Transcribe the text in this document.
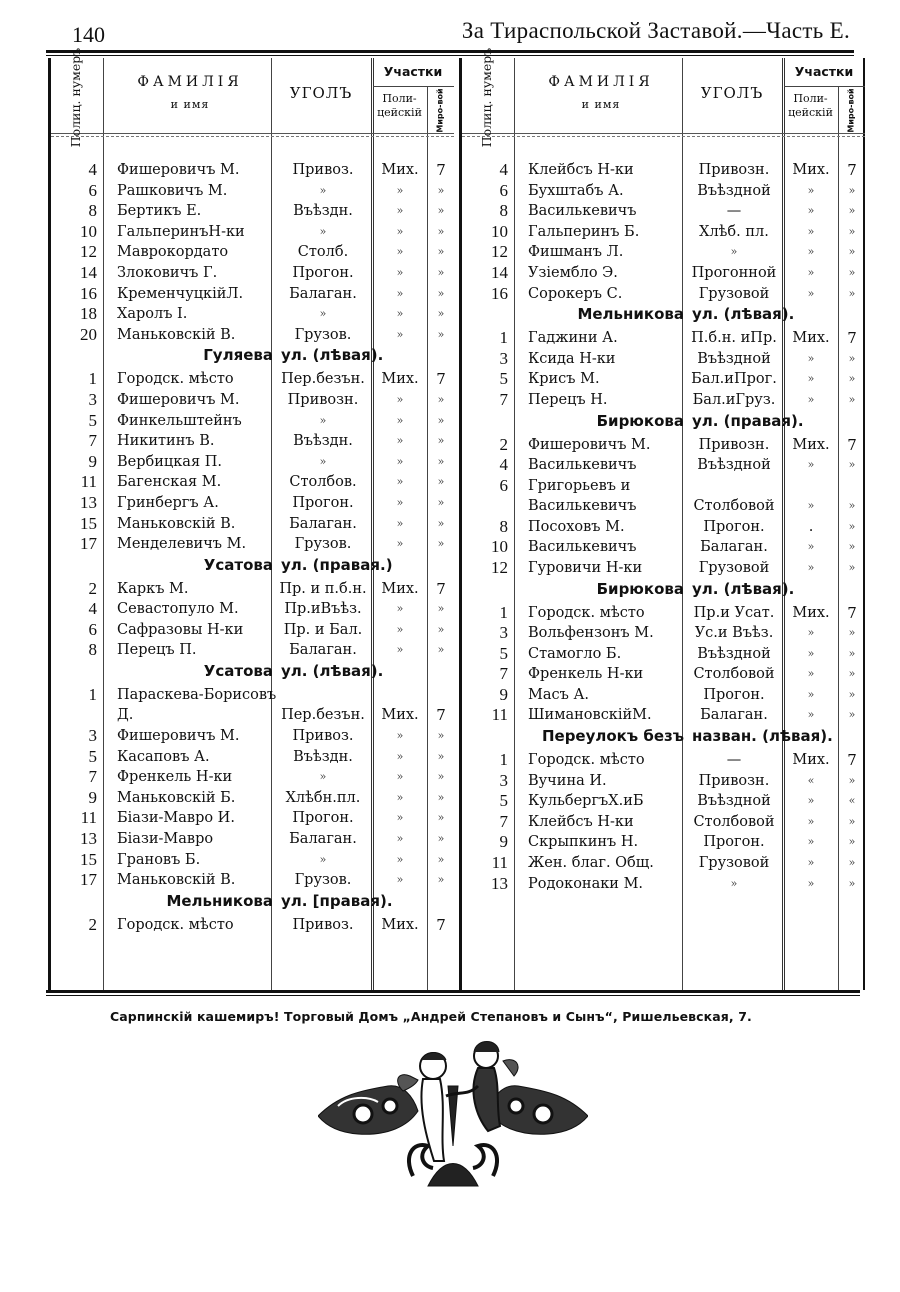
140	За Тираспольской Заставой.—Часть Е.
Полиц. нумеръ	ФАМИЛІЯ
и имя
УГОЛЪ
Участки
Поли-цейскій	Миро-вой
4 Фишеровичъ М.	Привоз.	Мих.	7
6 Рашковичъ М.	»	»	»
8 Бертикъ Е.	Въѣздн.	»	»
10 ГальперинъН-ки	»	»	»
12 Маврокордато	Столб.	»	»
14 Злоковичъ Г.	Прогон.	»	»
16 КременчуцкійЛ.	Балаган.	»	»
18 Харолъ І.	»	»	»
20 Маньковскій В.	Грузов.	»	»
Гуляева ул. (лѣвая).
1 Городск. мѣсто	Пер.безън.	Мих.	7
3 Фишеровичъ М.	Привозн.	»	»
5 Финкельштейнъ	»	»	»
7 Никитинъ В.	Въѣздн.	»	»
9 Вербицкая П.	»	»	»
11 Багенская М.	Столбов.	»	»
13 Гринбергъ А.	Прогон.	»	»
15 Маньковскій В.	Балаган.	»	»
17 Менделевичъ М.	Грузов.	»	»
Усатова ул. (правая.)
2 Каркъ М.	Пр. и п.б.н.	Мих.	7
4 Севастопуло М.	Пр.иВъѣз.	»	»
6 Сафразовы Н-ки	Пр. и Бал.	»	»
8 Перецъ П.	Балаган.	»	»
Усатова ул. (лѣвая).
1 Параскева-Борисовъ Д.	Пер.безън.	Мих.	7
3 Фишеровичъ М.	Привоз.	»	»
5 Касаповъ А.	Въѣздн.	»	»
7 Френкель Н-ки	»	»	»
9 Маньковскій Б.	Хлѣбн.пл.	»	»
11 Біази-Мавро И.	Прогон.	»	»
13 Біази-Мавро	Балаган.	»	»
15 Грановъ Б.	»	»	»
17 Маньковскій В.	Грузов.	»	»
Мельникова ул. [правая).
2 Городск. мѣсто	Привоз.	Мих.	7
Полиц. нумеръ	ФАМИЛІЯ
и имя
УГОЛЪ
Участки
Поли-цейскій	Миро-вой
4 Клейбсъ Н-ки	Привозн.	Мих.	7
6 Бухштабъ А.	Въѣздной	»	»
8 Василькевичъ	—	»	»
10 Гальперинъ Б.	Хлѣб. пл.	»	»
12 Фишманъ Л.	»	»	»
14 Узіембло Э.	Прогонной	»	»
16 Сорокеръ С.	Грузовой	»	»
Мельникова ул. (лѣвая).
1 Гаджини А.	П.б.н. иПр.	Мих.	7
3 Ксида Н-ки	Въѣздной	»	»
5 Крисъ М.	Бал.иПрог.	»	»
7 Перецъ Н.	Бал.иГруз.	»	»
Бирюкова ул. (правая).
2 Фишеровичъ М.	Привозн.	Мих.	7
4 Василькевичъ	Въѣздной	»	»
6 Григорьевъ и Василькевичъ	Столбовой	»	»
8 Посоховъ М.	Прогон.	.	»
10 Василькевичъ	Балаган.	»	»
12 Гуровичи Н-ки	Грузовой	»	»
Бирюкова ул. (лѣвая).
1 Городск. мѣсто	Пр.и Усат.	Мих.	7
3 Вольфензонъ М.	Ус.и Въѣз.	»	»
5 Стамогло Б.	Въѣздной	»	»
7 Френкель Н-ки	Столбовой	»	»
9 Масъ А.	Прогон.	»	»
11 ШимановскійМ.	Балаган.	»	»
Переулокъ безъ назван. (лѣвая).
1 Городск. мѣсто	—	Мих.	7
3 Вучина И.	Привозн.	«	»
5 КульбергъХ.иБ	Въѣздной	»	«
7 Клейбсъ Н-ки	Столбовой	»	»
9 Скрыпкинъ Н.	Прогон.	»	»
11 Жен. благ. Общ.	Грузовой	»	»
13 Родоконаки М.	»	»	»
Сарпинскій кашемиръ! Торговый Домъ „Андрей Степановъ и Сынъ“, Ришельевская, 7.
